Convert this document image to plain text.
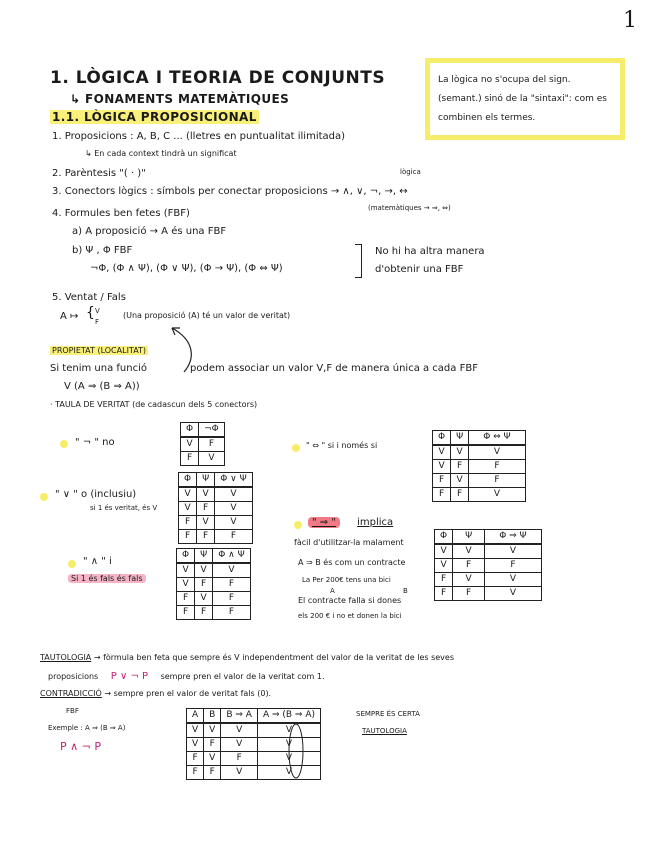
1
1. LÒGICA I TEORIA DE CONJUNTS
↳ FONAMENTS MATEMÀTIQUES
1.1. LÒGICA PROPOSICIONAL
La lògica no s'ocupa del sign. (semant.) sinó de la "sintaxi": com es combinen els termes.
1. Proposicions : A, B, C ... (lletres en puntualitat ilimitada)
↳ En cada context tindrà un significat
2. Parèntesis "( · )"	lògica
3. Conectors lògics : símbols per conectar proposicions → ∧, ∨, ¬, →, ↔
(matemàtiques → ⇒, ⇔)
4. Formules ben fetes (FBF)
a) A proposició → A és una FBF
b) Ψ , Φ FBF
¬Φ, (Φ ∧ Ψ), (Φ ∨ Ψ), (Φ → Ψ), (Φ ⇔ Ψ)
No hi ha altra manera
d'obtenir una FBF
5. Ventat / Fals
A ↦ { V
F
(Una proposició (A) té un valor de veritat)
PROPIETAT (LOCALITAT)
Si tenim una funció	podem associar un valor V,F de manera única a cada FBF
V (A ⇒ (B ⇒ A))
· TAULA DE VERITAT (de cadascun dels 5 conectors)
" ¬ " no
Φ	¬Φ
V	F
F	V
" ∨ " o (inclusiu)
si 1 és veritat, és V
Φ	Ψ	Φ ∨ Ψ
V	V	V
V	F	V
F	V	V
F	F	F
" ∧ " i
Si 1 és fals és fals
Φ	Ψ	Φ ∧ Ψ
V	V	V
V	F	F
F	V	F
F	F	F
" ⇔ " si i només si
Φ	Ψ	Φ ⇔ Ψ
V	V	V
V	F	F
F	V	F
F	F	V
" ⇒ " implica
fàcil d'utilitzar-la malament
A ⇒ B és com un contracte
La Per 200€ tens una bici
A	B
El contracte falla si dones
els 200 € i no et donen la bici
Φ	Ψ	Φ ⇒ Ψ
V	V	V
V	F	F
F	V	V
F	F	V
TAUTOLOGIA → fòrmula ben feta que sempre és V independentment del valor de la veritat de les seves
proposicions P ∨ ¬ P sempre pren el valor de la veritat com 1.
CONTRADICCIÓ → sempre pren el valor de veritat fals (0).
FBF
Exemple : A ⇒ (B ⇒ A)
P ∧ ¬ P
A	B	B ⇒ A	A ⇒ (B ⇒ A)
V	V	V	V
V	F	V	V
F	V	F	V
F	F	V	V
SEMPRE ÉS CERTA
TAUTOLOGIA
